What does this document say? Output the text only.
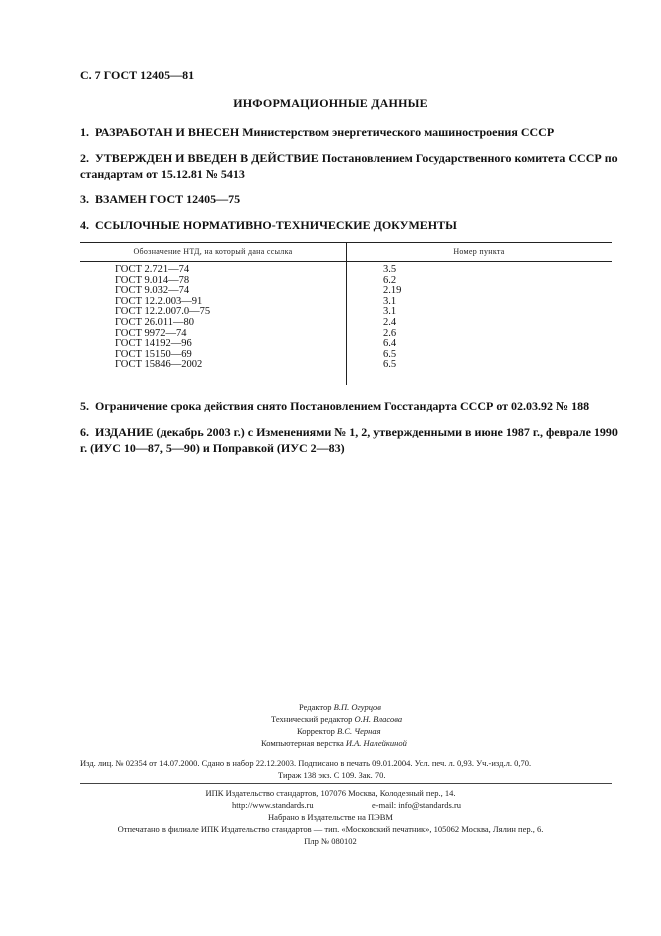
С. 7 ГОСТ 12405—81
ИНФОРМАЦИОННЫЕ ДАННЫЕ
1. РАЗРАБОТАН И ВНЕСЕН Министерством энергетического машиностроения СССР
2. УТВЕРЖДЕН И ВВЕДЕН В ДЕЙСТВИЕ Постановлением Государственного комитета СССР по стандартам от 15.12.81 № 5413
3. ВЗАМЕН ГОСТ 12405—75
4. ССЫЛОЧНЫЕ НОРМАТИВНО-ТЕХНИЧЕСКИЕ ДОКУМЕНТЫ
Обозначение НТД, на который дана ссылка	Номер пункта
ГОСТ 2.721—74	3.5
ГОСТ 9.014—78	6.2
ГОСТ 9.032—74	2.19
ГОСТ 12.2.003—91	3.1
ГОСТ 12.2.007.0—75	3.1
ГОСТ 26.011—80	2.4
ГОСТ 9972—74	2.6
ГОСТ 14192—96	6.4
ГОСТ 15150—69	6.5
ГОСТ 15846—2002	6.5
5. Ограничение срока действия снято Постановлением Госстандарта СССР от 02.03.92 № 188
6. ИЗДАНИЕ (декабрь 2003 г.) с Изменениями № 1, 2, утвержденными в июне 1987 г., феврале 1990 г. (ИУС 10—87, 5—90) и Поправкой (ИУС 2—83)
Редактор В.П. Огурцов
Технический редактор О.Н. Власова
Корректор В.С. Черная
Компьютерная верстка И.А. Налейкиной
Изд. лиц. № 02354 от 14.07.2000. Сдано в набор 22.12.2003. Подписано в печать 09.01.2004. Усл. печ. л. 0,93. Уч.-изд.л. 0,70.
Тираж 138 экз. С 109. Зак. 70.
ИПК Издательство стандартов, 107076 Москва, Колодезный пер., 14.
http://www.standards.ru	e-mail: info@standards.ru
Набрано в Издательстве на ПЭВМ
Отпечатано в филиале ИПК Издательство стандартов — тип. «Московский печатник», 105062 Москва, Лялин пер., 6.
Плр № 080102
